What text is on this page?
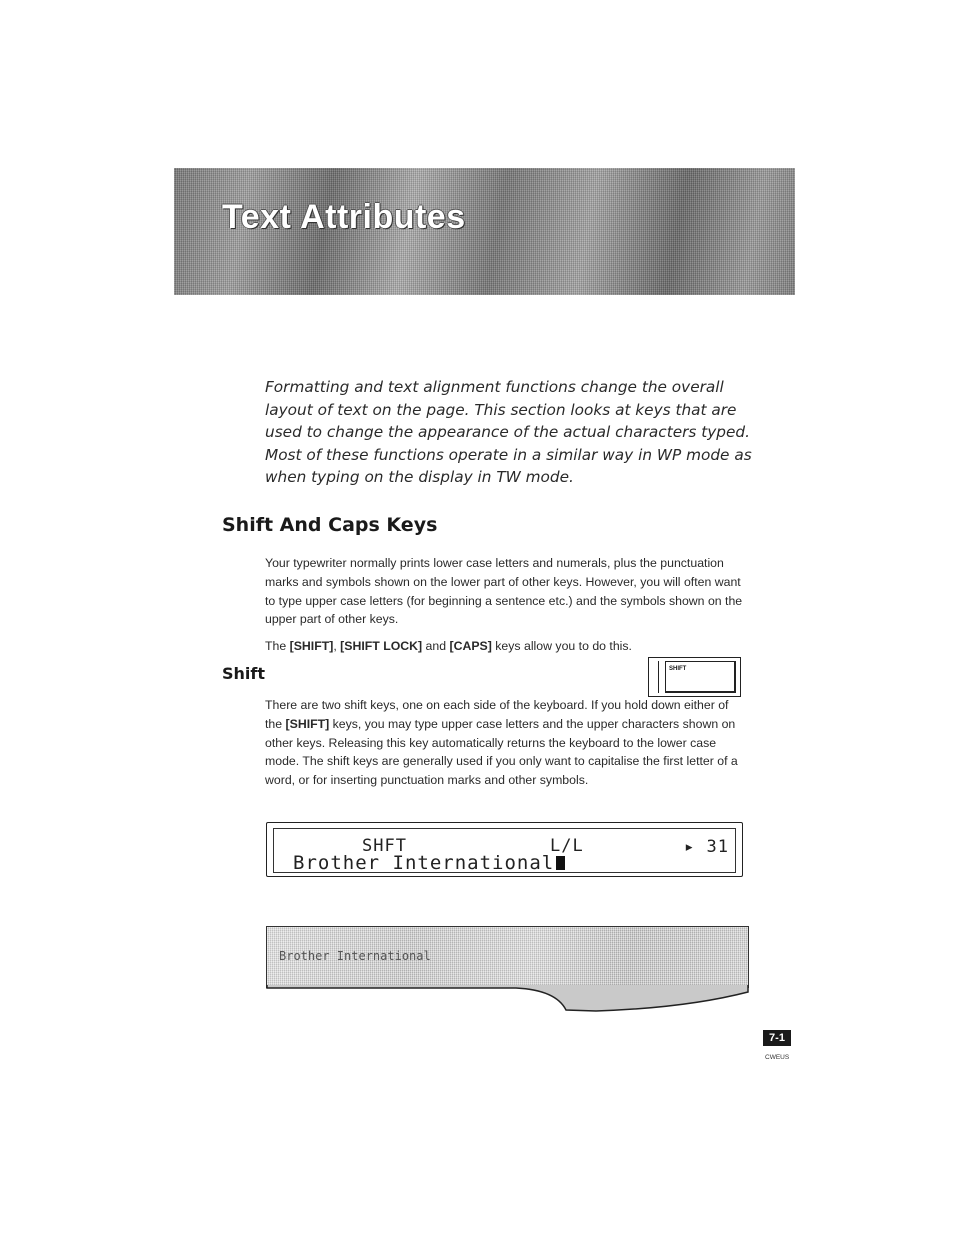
Text Attributes

Formatting and text alignment functions change the overall layout of text on the page. This section looks at keys that are used to change the appearance of the actual characters typed. Most of these functions operate in a similar way in WP mode as when typing on the display in TW mode.

Shift And Caps Keys

Your typewriter normally prints lower case letters and numerals, plus the punctuation marks and symbols shown on the lower part of other keys. However, you will often want to type upper case letters (for beginning a sentence etc.) and the symbols shown on the upper part of other keys.

The [SHIFT], [SHIFT LOCK] and [CAPS] keys allow you to do this.

Shift	SHIFT

There are two shift keys, one on each side of the keyboard. If you hold down either of the [SHIFT] keys, you may type upper case letters and the upper characters shown on other keys. Releasing this key automatically returns the keyboard to the lower case mode. The shift keys are generally used if you only want to capitalise the first letter of a word, or for inserting punctuation marks and other symbols.

SHFT	L/L	▸ 31
Brother International
Brother International
7-1
CWEUS
